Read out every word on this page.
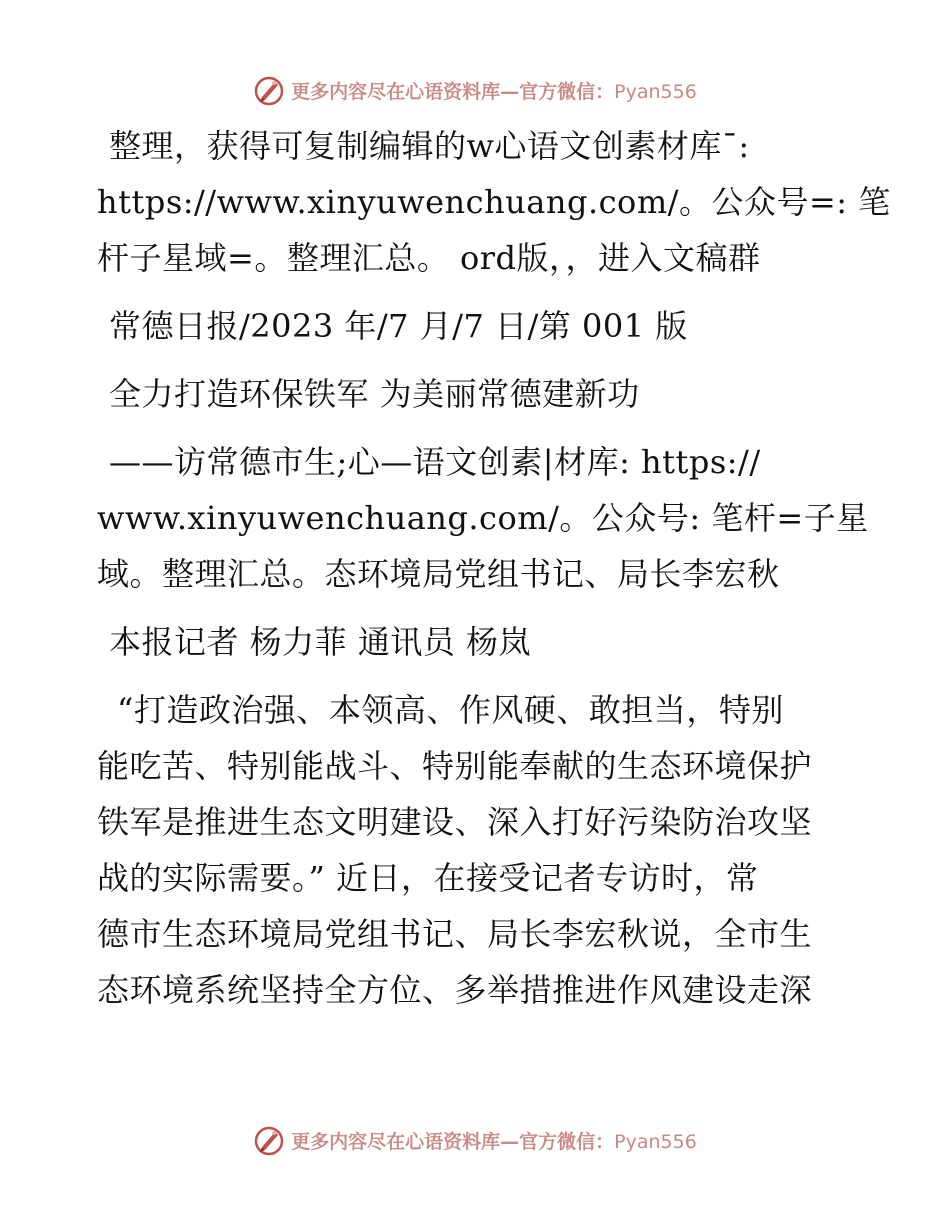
更多内容尽在心语资料库—官方微信：Pyan556
整理，获得可复制编辑的w心语文创素材库¯:
https://www.xinyuwenchuang.com/。公众号=: 笔
杆子星域=。整理汇总。 ord版，，进入文稿群
常德日报/2023 年/7 月/7 日/第 001 版
全力打造环保铁军 为美丽常德建新功
——访常德市生;心—语文创素|材库: https://
www.xinyuwenchuang.com/。公众号: 笔杆=子星
域。整理汇总。态环境局党组书记、局长李宏秋
本报记者 杨力菲 通讯员 杨岚
“打造政治强、本领高、作风硬、敢担当，特别
能吃苦、特别能战斗、特别能奉献的生态环境保护
铁军是推进生态文明建设、深入打好污染防治攻坚
战的实际需要。” 近日，在接受记者专访时，常
德市生态环境局党组书记、局长李宏秋说，全市生
态环境系统坚持全方位、多举措推进作风建设走深
更多内容尽在心语资料库—官方微信：Pyan556
